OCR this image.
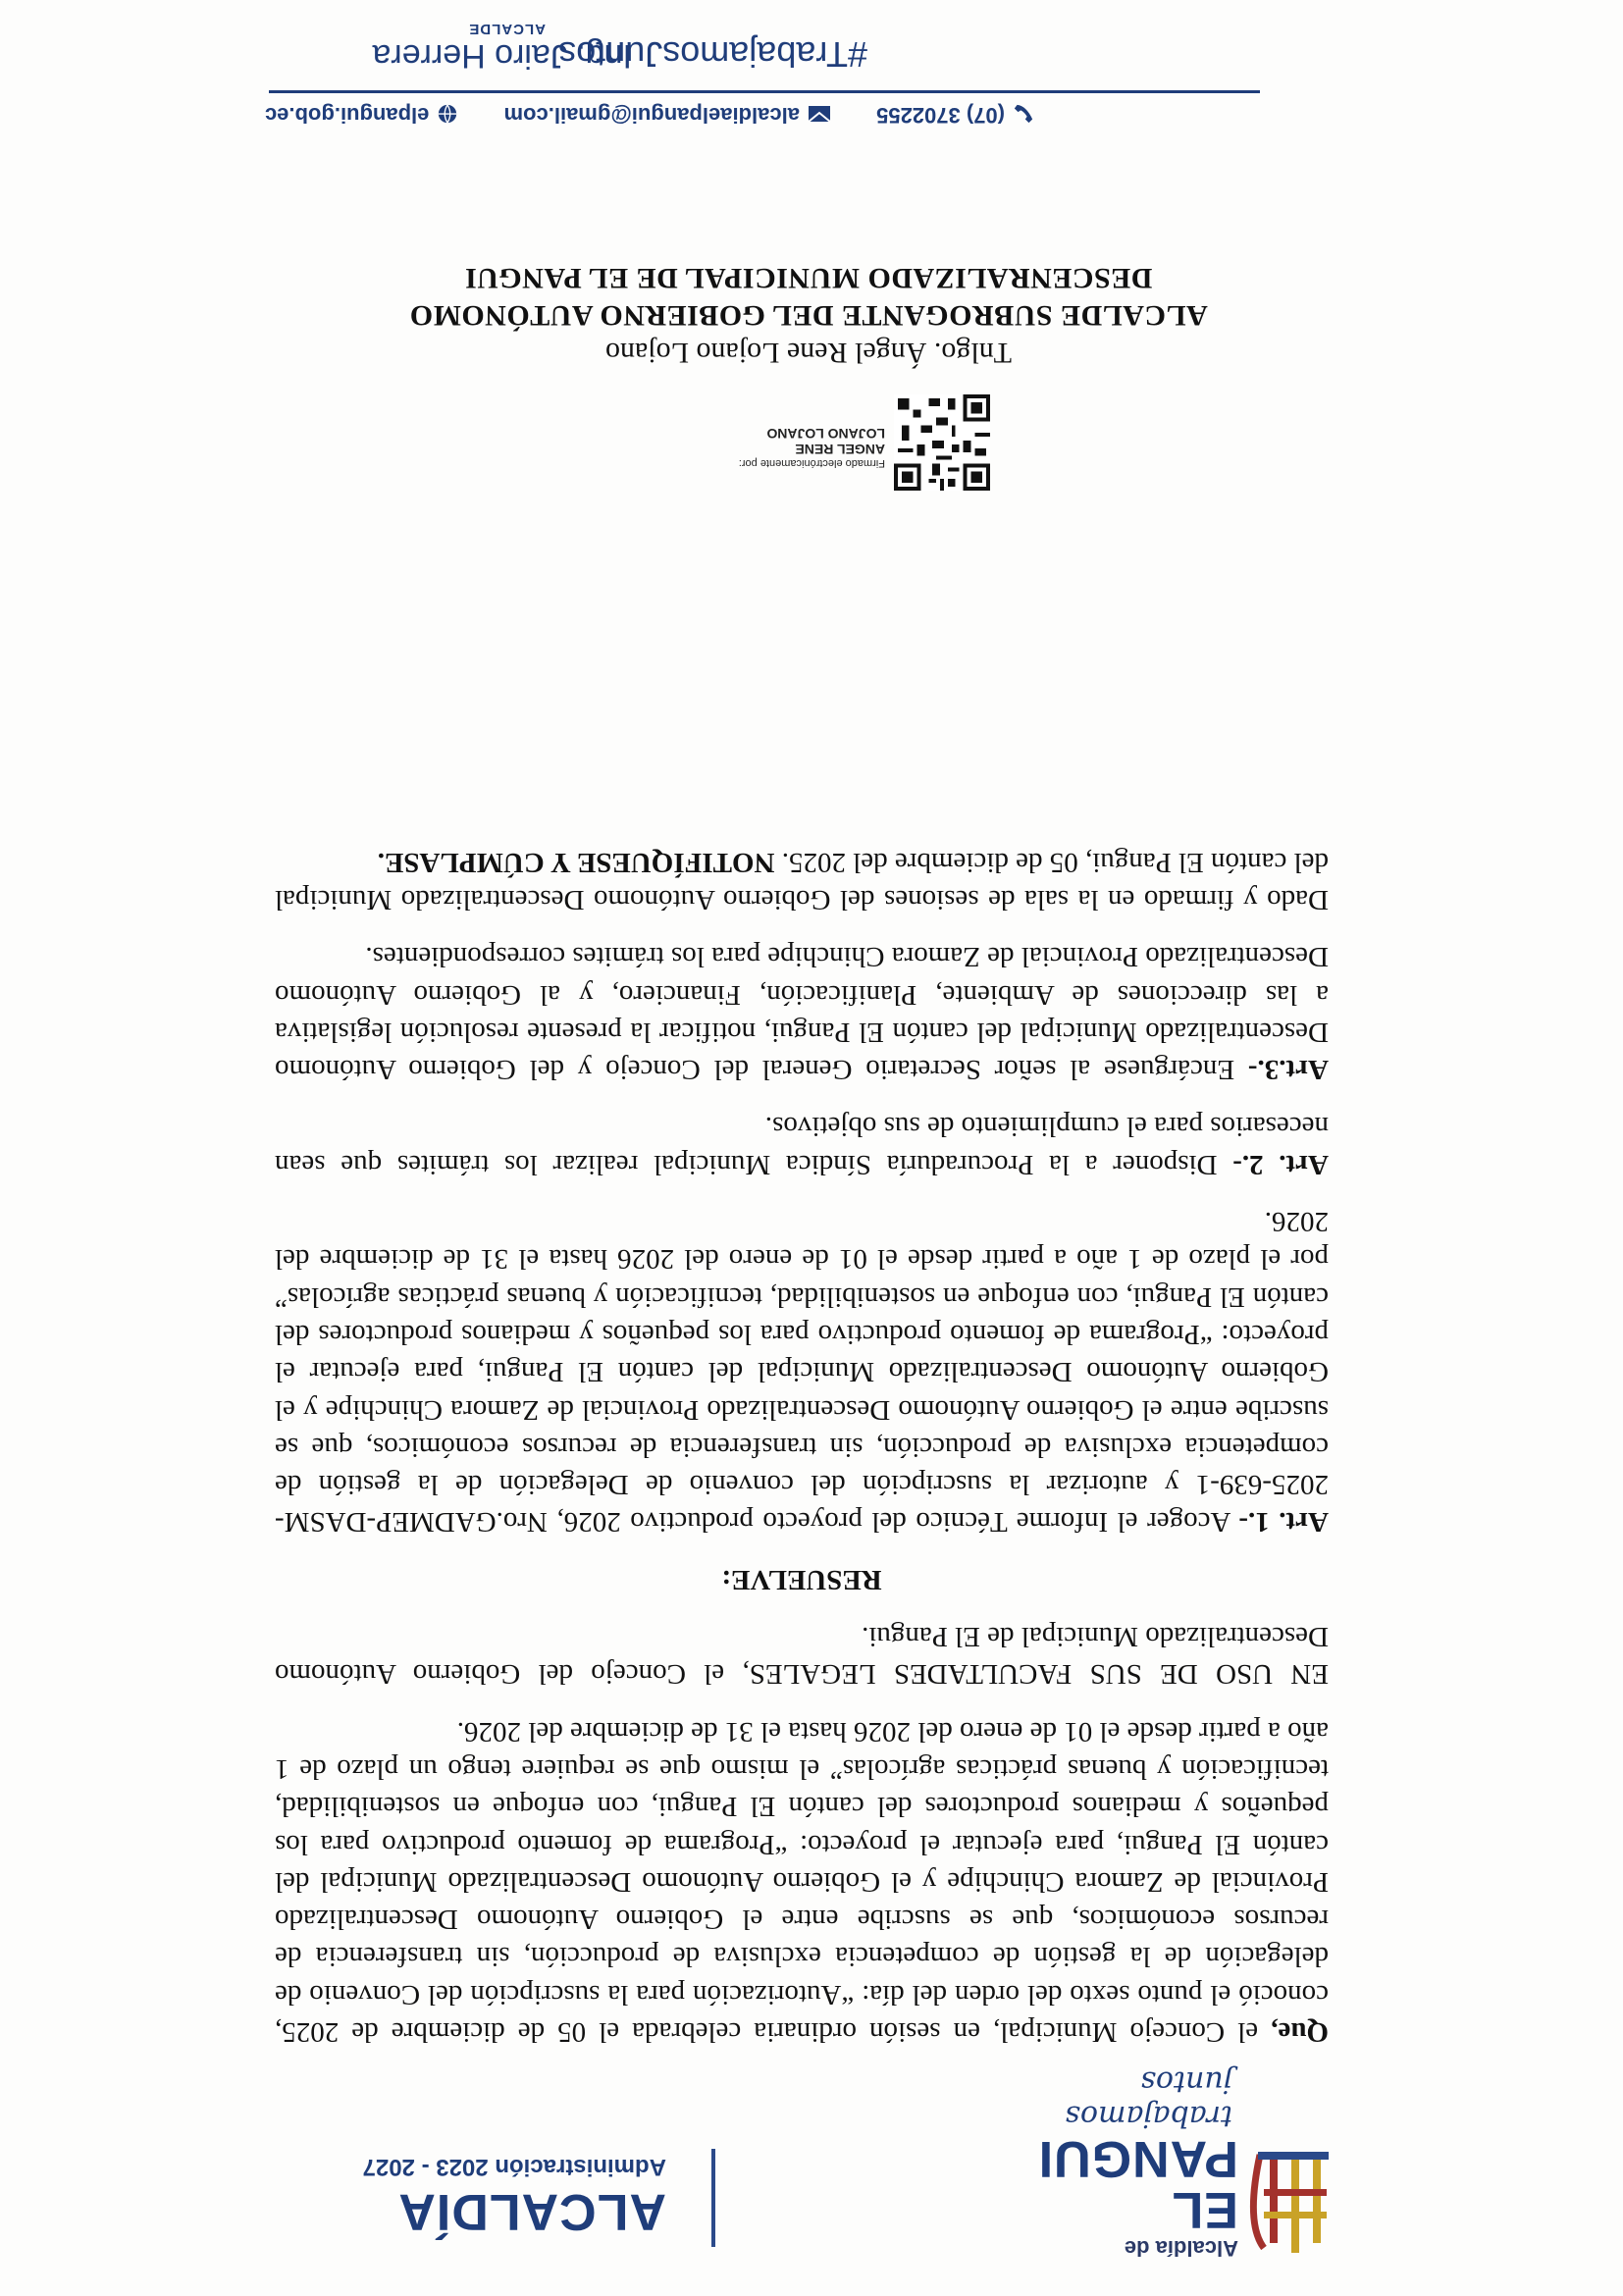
Alcaldía de
EL PANGUI
trabajamos juntos
ALCALDÍA
Administración 2023 - 2027

Que, el Concejo Municipal, en sesión ordinaria celebrada el 05 de diciembre de 2025, conoció el punto sexto del orden del día: “Autorización para la suscripción del Convenio de delegación de la gestión de competencia exclusiva de producción, sin transferencia de recursos económicos, que se suscribe entre el Gobierno Autónomo Descentralizado Provincial de Zamora Chinchipe y el Gobierno Autónomo Descentralizado Municipal del cantón El Pangui, para ejecutar el proyecto: “Programa de fomento productivo para los pequeños y medianos productores del cantón El Pangui, con enfoque en sostenibilidad, tecnificación y buenas prácticas agrícolas” el mismo que se requiere tengo un plazo de 1 año a partir desde el 01 de enero del 2026 hasta el 31 de diciembre del 2026.

EN USO DE SUS FACULTADES LEGALES, el Concejo del Gobierno Autónomo Descentralizado Municipal de El Pangui.

RESUELVE:

Art. 1.- Acoger el Informe Técnico del proyecto productivo 2026, Nro.GADMEP-DASM-2025-639-1 y autorizar la suscripción del convenio de Delegación de la gestión de competencia exclusiva de producción, sin transferencia de recursos económicos, que se suscribe entre el Gobierno Autónomo Descentralizado Provincial de Zamora Chinchipe y el Gobierno Autónomo Descentralizado Municipal del cantón El Pangui, para ejecutar el proyecto: “Programa de fomento productivo para los pequeños y medianos productores del cantón El Pangui, con enfoque en sostenibilidad, tecnificación y buenas prácticas agrícolas” por el plazo de 1 año a partir desde el 01 de enero del 2026 hasta el 31 de diciembre del 2026.

Art. 2.- Disponer a la Procuraduría Síndica Municipal realizar los trámites que sean necesarios para el cumplimiento de sus objetivos.

Art.3.- Encárguese al señor Secretario General del Concejo y del Gobierno Autónomo Descentralizado Municipal del cantón El Pangui, notificar la presente resolución legislativa a las direcciones de Ambiente, Planificación, Financiero, y al Gobierno Autónomo Descentralizado Provincial de Zamora Chinchipe para los trámites correspondientes.

Dado y firmado en la sala de sesiones del Gobierno Autónomo Descentralizado Municipal del cantón El Pangui, 05 de diciembre del 2025. NOTIFÍQUESE Y CÚMPLASE.

Firmado electrónicamente por:
ANGEL RENE
LOJANO LOJANO
Tnlgo. Ángel Rene Lojano Lojano
ALCALDE SUBROGANTE DEL GOBIERNO AUTÓNOMO
DESCENRALIZADO MUNICIPAL DE EL PANGUI
(07) 3702255 alcaldiaelpangui@gmail.com elpangui.gob.ec
#TrabajamosJuntos
Ing. Jairo Herrera
ALCALDE
